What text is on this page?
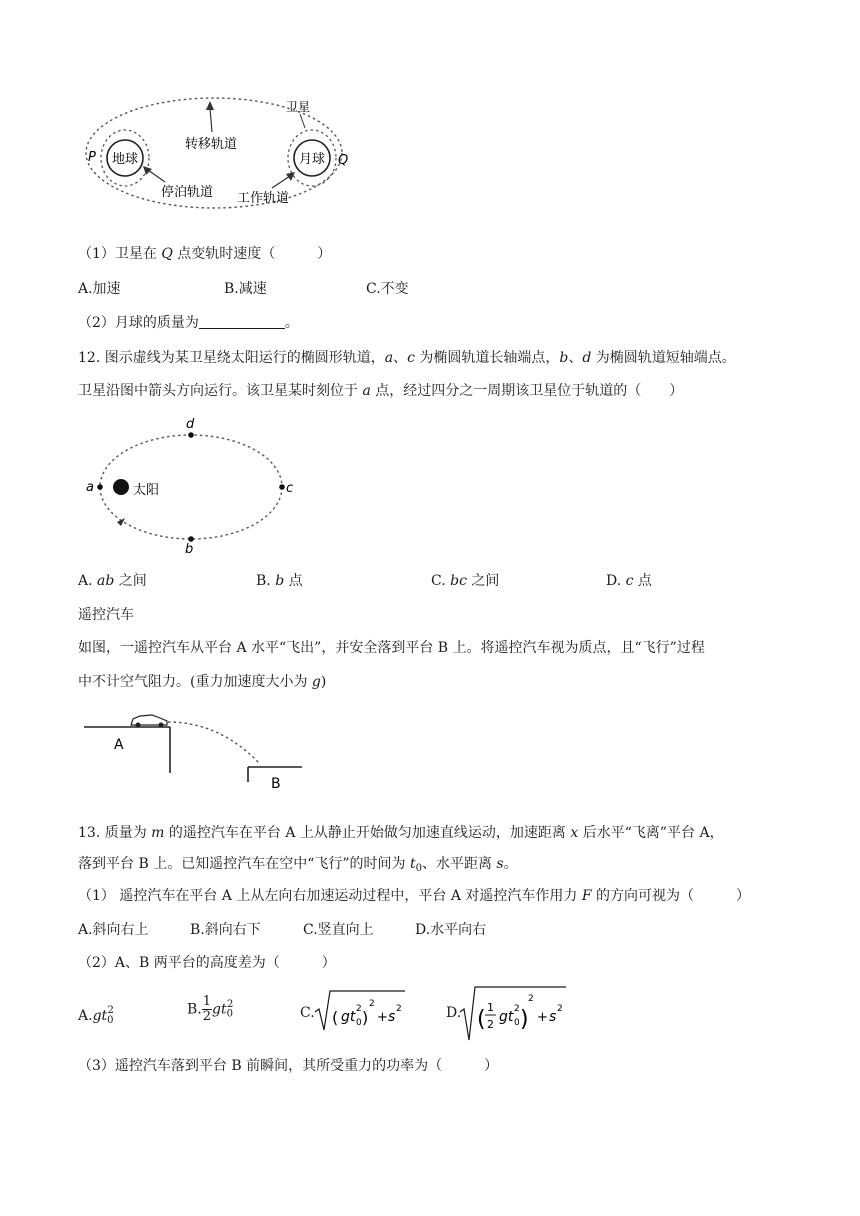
地球	月球
P	Q
卫星
转移轨道
停泊轨道 工作轨道
（1）卫星在 Q 点变轨时速度（　　　）
A.加速	B.减速	C.不变
（2）月球的质量为	。
12. 图示虚线为某卫星绕太阳运行的椭圆形轨道，a、c 为椭圆轨道长轴端点，b、d 为椭圆轨道短轴端点。
卫星沿图中箭头方向运行。该卫星某时刻位于 a 点，经过四分之一周期该卫星位于轨道的（　　）
太阳
a	c
d
b
A. ab 之间	B. b 点	C. bc 之间	D. c 点
遥控汽车
如图，一遥控汽车从平台 A 水平“飞出”，并安全落到平台 B 上。将遥控汽车视为质点，且“飞行”过程
中不计空气阻力。(重力加速度大小为 g)
A
B
13. 质量为 m 的遥控汽车在平台 A 上从静止开始做匀加速直线运动，加速距离 x 后水平“飞离”平台 A，
落到平台 B 上。已知遥控汽车在空中“飞行”的时间为 $t_0$、水平距离 s。
（1） 遥控汽车在平台 A 上从左向右加速运动过程中，平台 A 对遥控汽车作用力 F 的方向可视为（　　　）
A.斜向右上	B.斜向右下	C.竖直向上	D.水平向右
（2）A、B 两平台的高度差为（　　　）
$A.gt_0^2$	B. $\frac{1}{2} gt_0^2$
C.	D.
( gt 0
2 )
2
+ s 2	( 1
2 gt 0
2 )
2
+ s 2
（3）遥控汽车落到平台 B 前瞬间，其所受重力的功率为（　　　）
